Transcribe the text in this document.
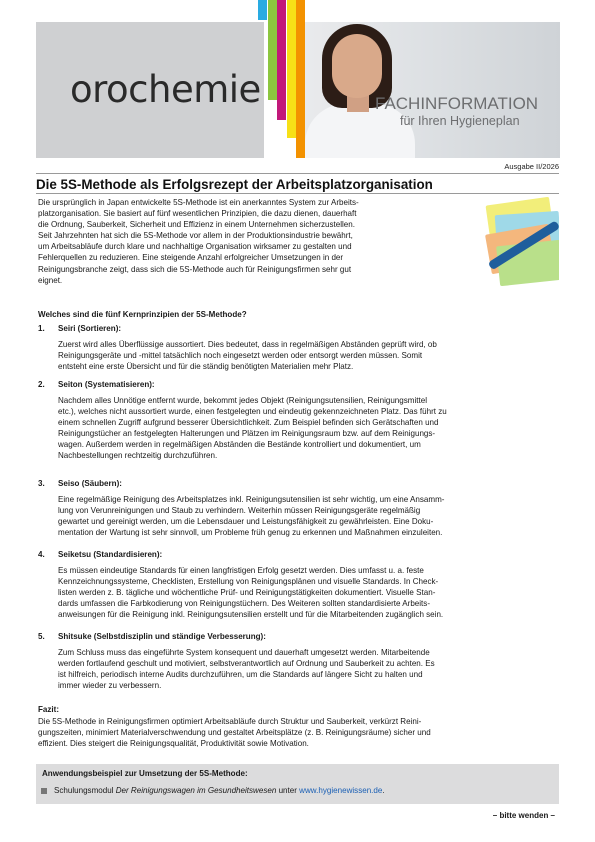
orochemie	FACHINFORMATION
für Ihren Hygieneplan
Ausgabe II/2026
Die 5S-Methode als Erfolgsrezept der Arbeitsplatzorganisation
Die ursprünglich in Japan entwickelte 5S-Methode ist ein anerkanntes System zur Arbeits-
platzorganisation. Sie basiert auf fünf wesentlichen Prinzipien, die dazu dienen, dauerhaft
die Ordnung, Sauberkeit, Sicherheit und Effizienz in einem Unternehmen sicherzustellen.
Seit Jahrzehnten hat sich die 5S-Methode vor allem in der Produktionsindustrie bewährt,
um Arbeitsabläufe durch klare und nachhaltige Organisation wirksamer zu gestalten und
Fehlerquellen zu reduzieren. Eine steigende Anzahl erfolgreicher Umsetzungen in der
Reinigungsbranche zeigt, dass sich die 5S-Methode auch für Reinigungsfirmen sehr gut
eignet.
Welches sind die fünf Kernprinzipien der 5S-Methode?
1. Seiri (Sortieren):
Zuerst wird alles Überflüssige aussortiert. Dies bedeutet, dass in regelmäßigen Abständen geprüft wird, ob
Reinigungsgeräte und -mittel tatsächlich noch eingesetzt werden oder entsorgt werden müssen. Somit
entsteht eine erste Übersicht und für die ständig benötigten Materialien mehr Platz.
2. Seiton (Systematisieren):
Nachdem alles Unnötige entfernt wurde, bekommt jedes Objekt (Reinigungsutensilien, Reinigungsmittel
etc.), welches nicht aussortiert wurde, einen festgelegten und eindeutig gekennzeichneten Platz. Das führt zu
einem schnellen Zugriff aufgrund besserer Übersichtlichkeit. Zum Beispiel befinden sich Gerätschaften und
Reinigungstücher an festgelegten Halterungen und Plätzen im Reinigungsraum bzw. auf dem Reinigungs-
wagen. Außerdem werden in regelmäßigen Abständen die Bestände kontrolliert und dokumentiert, um
Nachbestellungen rechtzeitig durchzuführen.
3. Seiso (Säubern):
Eine regelmäßige Reinigung des Arbeitsplatzes inkl. Reinigungsutensilien ist sehr wichtig, um eine Ansamm-
lung von Verunreinigungen und Staub zu verhindern. Weiterhin müssen Reinigungsgeräte regelmäßig
gewartet und gereinigt werden, um die Lebensdauer und Leistungsfähigkeit zu gewährleisten. Eine Doku-
mentation der Wartung ist sehr sinnvoll, um Probleme früh genug zu erkennen und Maßnahmen einzuleiten.
4. Seiketsu (Standardisieren):
Es müssen eindeutige Standards für einen langfristigen Erfolg gesetzt werden. Dies umfasst u. a. feste
Kennzeichnungssysteme, Checklisten, Erstellung von Reinigungsplänen und visuelle Standards. In Check-
listen werden z. B. tägliche und wöchentliche Prüf- und Reinigungstätigkeiten dokumentiert. Visuelle Stan-
dards umfassen die Farbkodierung von Reinigungstüchern. Des Weiteren sollten standardisierte Arbeits-
anweisungen für die Reinigung inkl. Reinigungsutensilien erstellt und für die Mitarbeitenden zugänglich sein.
5. Shitsuke (Selbstdisziplin und ständige Verbesserung):
Zum Schluss muss das eingeführte System konsequent und dauerhaft umgesetzt werden. Mitarbeitende
werden fortlaufend geschult und motiviert, selbstverantwortlich auf Ordnung und Sauberkeit zu achten. Es
ist hilfreich, periodisch interne Audits durchzuführen, um die Standards auf längere Sicht zu halten und
immer wieder zu verbessern.
Fazit:
Die 5S-Methode in Reinigungsfirmen optimiert Arbeitsabläufe durch Struktur und Sauberkeit, verkürzt Reini-
gungszeiten, minimiert Materialverschwendung und gestaltet Arbeitsplätze (z. B. Reinigungsräume) sicher und
effizient. Dies steigert die Reinigungsqualität, Produktivität sowie Motivation.
Anwendungsbeispiel zur Umsetzung der 5S-Methode:
Schulungsmodul Der Reinigungswagen im Gesundheitswesen unter www.hygienewissen.de.
– bitte wenden –
